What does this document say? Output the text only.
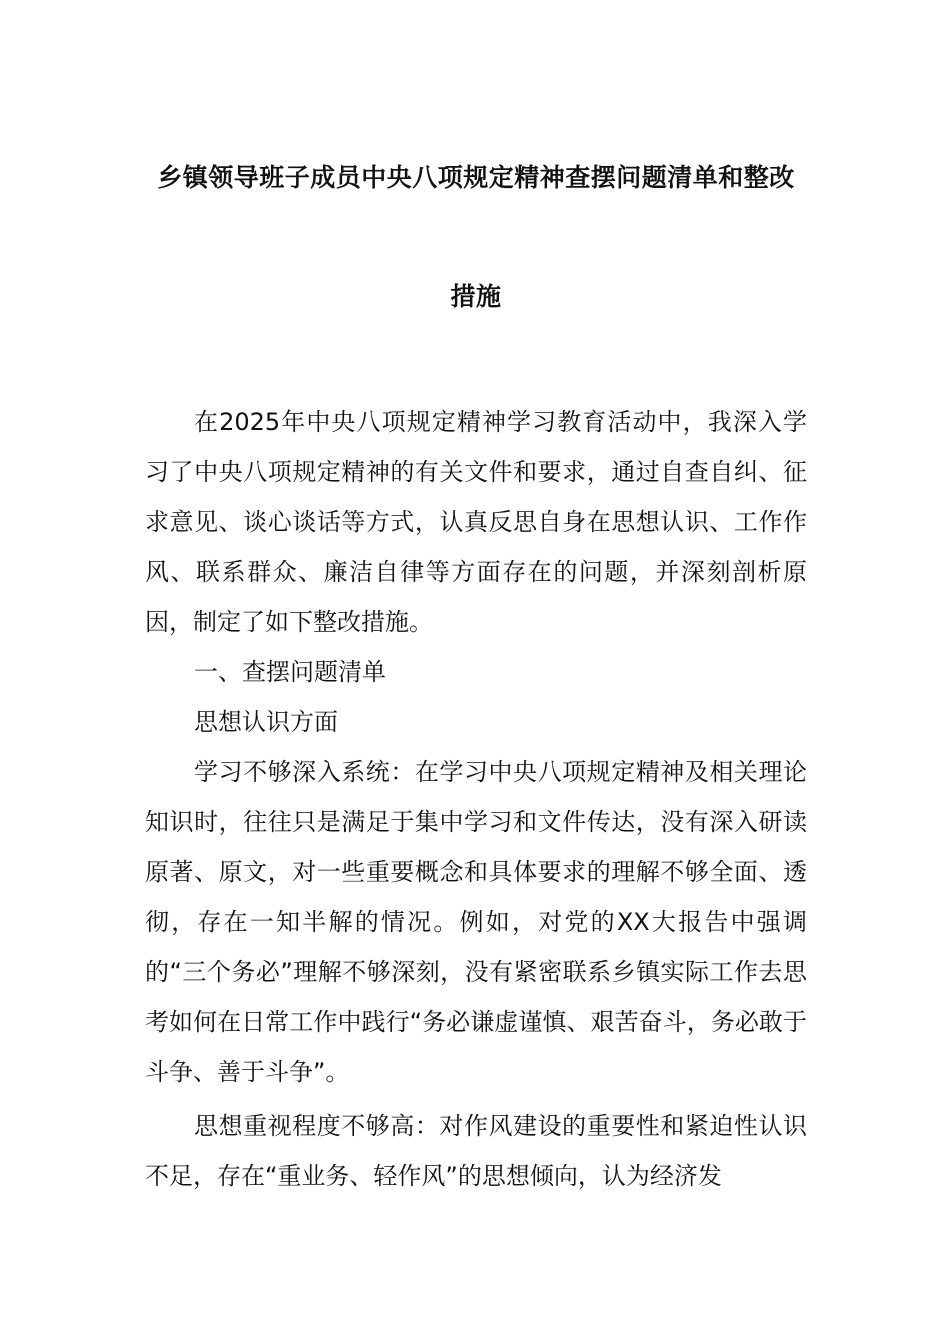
乡镇领导班子成员中央八项规定精神查摆问题清单和整改
措施

在2025年中央八项规定精神学习教育活动中，我深入学习了中央八项规定精神的有关文件和要求，通过自查自纠、征求意见、谈心谈话等方式，认真反思自身在思想认识、工作作风、联系群众、廉洁自律等方面存在的问题，并深刻剖析原因，制定了如下整改措施。

一、查摆问题清单

思想认识方面

学习不够深入系统：在学习中央八项规定精神及相关理论知识时，往往只是满足于集中学习和文件传达，没有深入研读原著、原文，对一些重要概念和具体要求的理解不够全面、透彻，存在一知半解的情况。例如，对党的XX大报告中强调的“三个务必”理解不够深刻，没有紧密联系乡镇实际工作去思考如何在日常工作中践行“务必谦虚谨慎、艰苦奋斗，务必敢于斗争、善于斗争”。

思想重视程度不够高：对作风建设的重要性和紧迫性认识不足，存在“重业务、轻作风”的思想倾向，认为经济发
